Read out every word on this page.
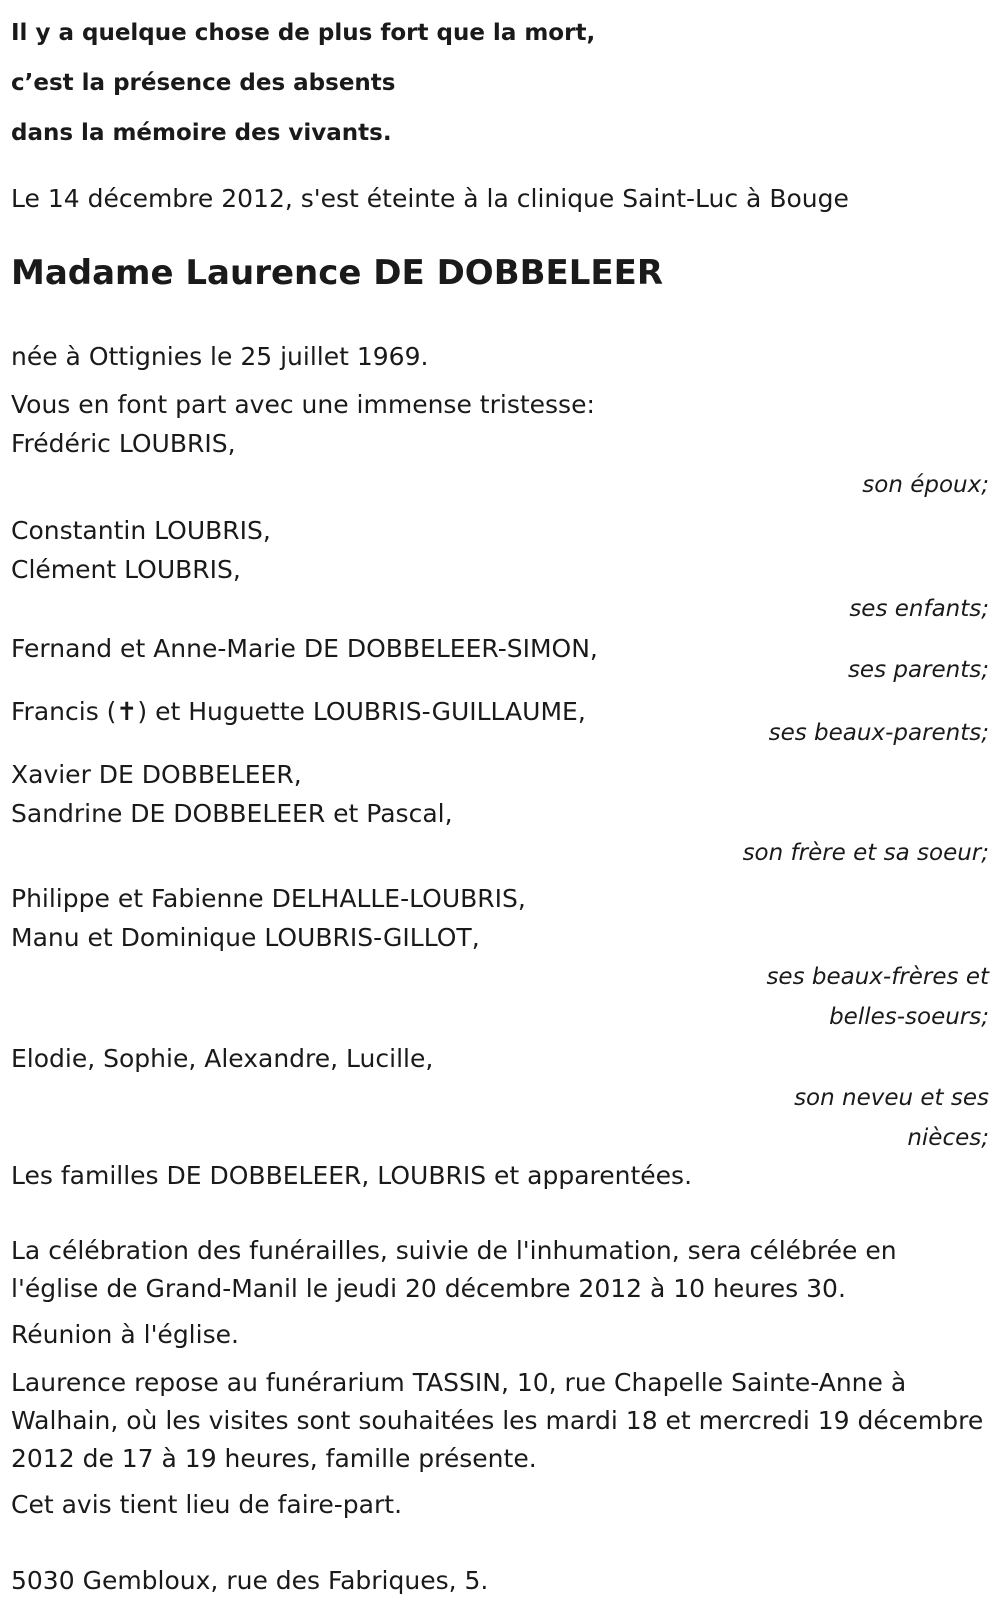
Il y a quelque chose de plus fort que la mort,
c’est la présence des absents
dans la mémoire des vivants.
Le 14 décembre 2012, s'est éteinte à la clinique Saint-Luc à Bouge
Madame Laurence DE DOBBELEER
née à Ottignies le 25 juillet 1969.
Vous en font part avec une immense tristesse:
Frédéric LOUBRIS,
son époux;
Constantin LOUBRIS,
Clément LOUBRIS,
ses enfants;
Fernand et Anne-Marie DE DOBBELEER-SIMON,
ses parents;
Francis (✝) et Huguette LOUBRIS-GUILLAUME,
ses beaux-parents;
Xavier DE DOBBELEER,
Sandrine DE DOBBELEER et Pascal,
son frère et sa soeur;
Philippe et Fabienne DELHALLE-LOUBRIS,
Manu et Dominique LOUBRIS-GILLOT,
ses beaux-frères et belles-soeurs;
Elodie, Sophie, Alexandre, Lucille,
son neveu et ses nièces;
Les familles DE DOBBELEER, LOUBRIS et apparentées.
La célébration des funérailles, suivie de l'inhumation, sera célébrée en l'église de Grand-Manil le jeudi 20 décembre 2012 à 10 heures 30.
Réunion à l'église.
Laurence repose au funérarium TASSIN, 10, rue Chapelle Sainte-Anne à Walhain, où les visites sont souhaitées les mardi 18 et mercredi 19 décembre 2012 de 17 à 19 heures, famille présente.
Cet avis tient lieu de faire-part.
5030 Gembloux, rue des Fabriques, 5.
